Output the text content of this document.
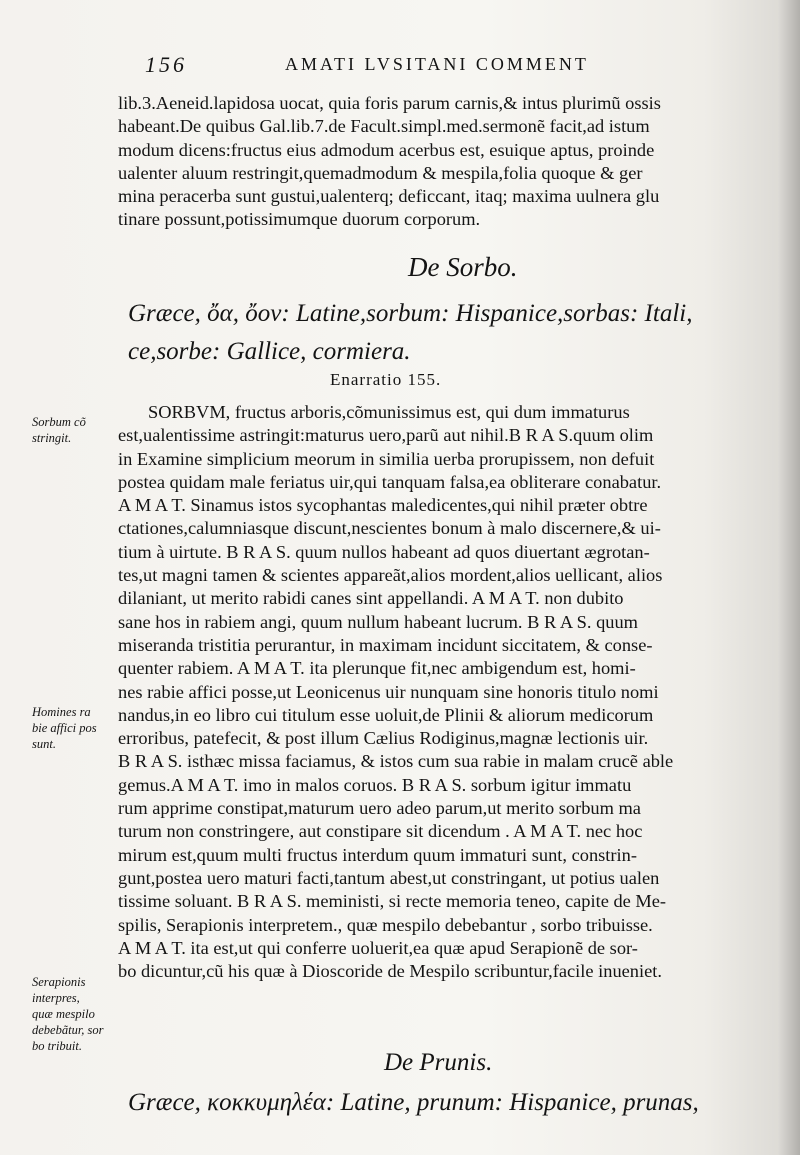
156	AMATI LVSITANI COMMENT
lib.3.Aeneid.lapidosa uocat, quia foris parum carnis,& intus plurimũ ossis
habeant.De quibus Gal.lib.7.de Facult.simpl.med.sermonẽ facit,ad istum
modum dicens:fructus eius admodum acerbus est, esuique aptus, proinde
ualenter aluum restringit,quemadmodum & mespila,folia quoque & ger
mina peracerba sunt gustui,ualenterq; deficcant, itaq; maxima uulnera glu
tinare possunt,potissimumque duorum corporum.
De Sorbo.
Græce, ὄα, ὄον: Latine,sorbum: Hispanice,sorbas: Itali,
ce,sorbe: Gallice, cormiera.
Enarratio 155.
SORBVM, fructus arboris,cõmunissimus est, qui dum immaturus
est,ualentissime astringit:maturus uero,parũ aut nihil.B R A S.quum olim
in Examine simplicium meorum in similia uerba prorupissem, non defuit
postea quidam male feriatus uir,qui tanquam falsa,ea obliterare conabatur.
A M A T. Sinamus istos sycophantas maledicentes,qui nihil præter obtre
ctationes,calumniasque discunt,nescientes bonum à malo discernere,& ui-
tium à uirtute. B R A S. quum nullos habeant ad quos diuertant ægrotan-
tes,ut magni tamen & scientes appareãt,alios mordent,alios uellicant, alios
dilaniant, ut merito rabidi canes sint appellandi. A M A T. non dubito
sane hos in rabiem angi, quum nullum habeant lucrum. B R A S. quum
miseranda tristitia perurantur, in maximam incidunt siccitatem, & conse-
quenter rabiem. A M A T. ita plerunque fit,nec ambigendum est, homi-
nes rabie affici posse,ut Leonicenus uir nunquam sine honoris titulo nomi
nandus,in eo libro cui titulum esse uoluit,de Plinii & aliorum medicorum
erroribus, patefecit, & post illum Cælius Rodiginus,magnæ lectionis uir.
B R A S. isthæc missa faciamus, & istos cum sua rabie in malam crucẽ able
gemus.A M A T. imo in malos coruos. B R A S. sorbum igitur immatu
rum apprime constipat,maturum uero adeo parum,ut merito sorbum ma
turum non constringere, aut constipare sit dicendum . A M A T. nec hoc
mirum est,quum multi fructus interdum quum immaturi sunt, constrin-
gunt,postea uero maturi facti,tantum abest,ut constringant, ut potius ualen
tissime soluant. B R A S. meministi, si recte memoria teneo, capite de Me-
spilis, Serapionis interpretem., quæ mespilo debebantur , sorbo tribuisse.
A M A T. ita est,ut qui conferre uoluerit,ea quæ apud Serapionẽ de sor-
bo dicuntur,cũ his quæ à Dioscoride de Mespilo scribuntur,facile inueniet.
De Prunis.
Græce, κοκκυμηλέα: Latine, prunum: Hispanice, prunas,
Sorbum cõ
stringit.
Homines ra
bie affici pos
sunt.
Serapionis
interpres,
quæ mespilo
debebãtur, sor
bo tribuit.
